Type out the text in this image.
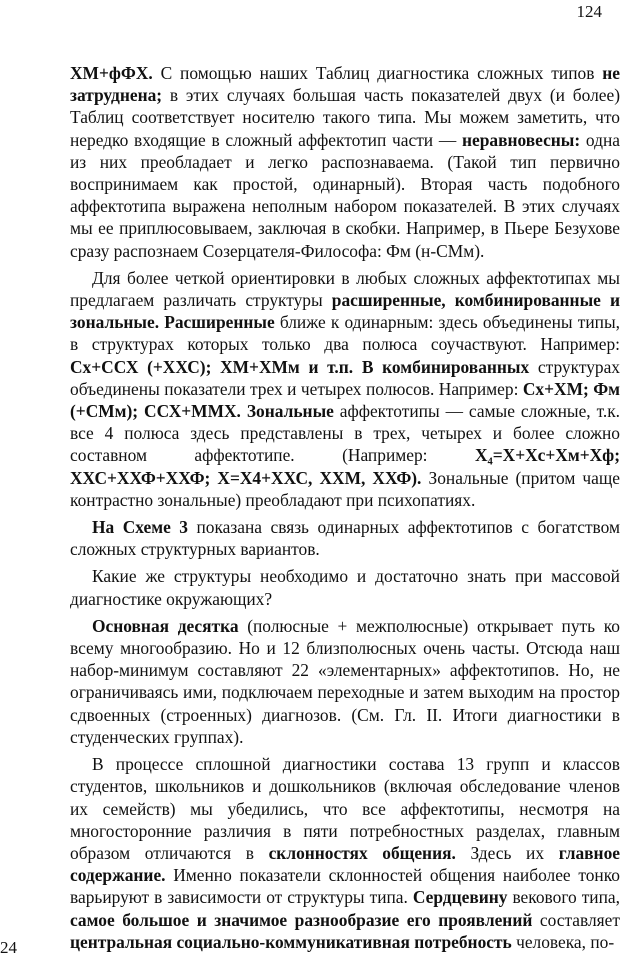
124

ХМ+фФХ. С помощью наших Таблиц диагностика сложных типов не затруднена; в этих случаях большая часть показателей двух (и более) Таблиц соответствует носителю такого типа. Мы можем заметить, что нередко входящие в сложный аффектотип части — неравновесны: одна из них преобладает и легко распознаваема. (Такой тип первично воспринимаем как простой, одинарный). Вторая часть подобного аффектотипа выражена неполным набором показателей. В этих случаях мы ее приплюсовываем, заключая в скобки. Например, в Пьере Безухове сразу распознаем Созерцателя-Философа: Фм (н-СМм).

Для более четкой ориентировки в любых сложных аффектотипах мы предлагаем различать структуры расширенные, комбинированные и зональные. Расширенные ближе к одинарным: здесь объединены типы, в структурах которых только два полюса соучаствуют. Например: Сх+ССХ (+ХХС); ХМ+ХМм и т.п. В комбинированных структурах объединены показатели трех и четырех полюсов. Например: Сх+ХМ; Фм (+СМм); ССХ+ММХ. Зональные аффектотипы — самые сложные, т.к. все 4 полюса здесь представлены в трех, четырех и более сложно составном аффектотипе. (Например: Х₄=Х+Хс+Хм+Хф; ХХС+ХХФ+ХХФ; Х=Х4+ХХС, ХХМ, ХХФ). Зональные (притом чаще контрастно зональные) преобладают при психопатиях.

На Схеме 3 показана связь одинарных аффектотипов с богатством сложных структурных вариантов.

Какие же структуры необходимо и достаточно знать при массовой диагностике окружающих?

Основная десятка (полюсные + межполюсные) открывает путь ко всему многообразию. Но и 12 близполюсных очень часты. Отсюда наш набор-минимум составляют 22 «элементарных» аффектотипов. Но, не ограничиваясь ими, подключаем переходные и затем выходим на простор сдвоенных (строенных) диагнозов. (См. Гл. II. Итоги диагностики в студенческих группах).

В процессе сплошной диагностики состава 13 групп и классов студентов, школьников и дошкольников (включая обследование членов их семейств) мы убедились, что все аффектотипы, несмотря на многосторонние различия в пяти потребностных разделах, главным образом отличаются в склонностях общения. Здесь их главное содержание. Именно показатели склонностей общения наиболее тонко варьируют в зависимости от структуры типа. Сердцевину векового типа, самое большое и значимое разнообразие его проявлений составляет центральная социально-коммуникативная потребность человека, по-

24
